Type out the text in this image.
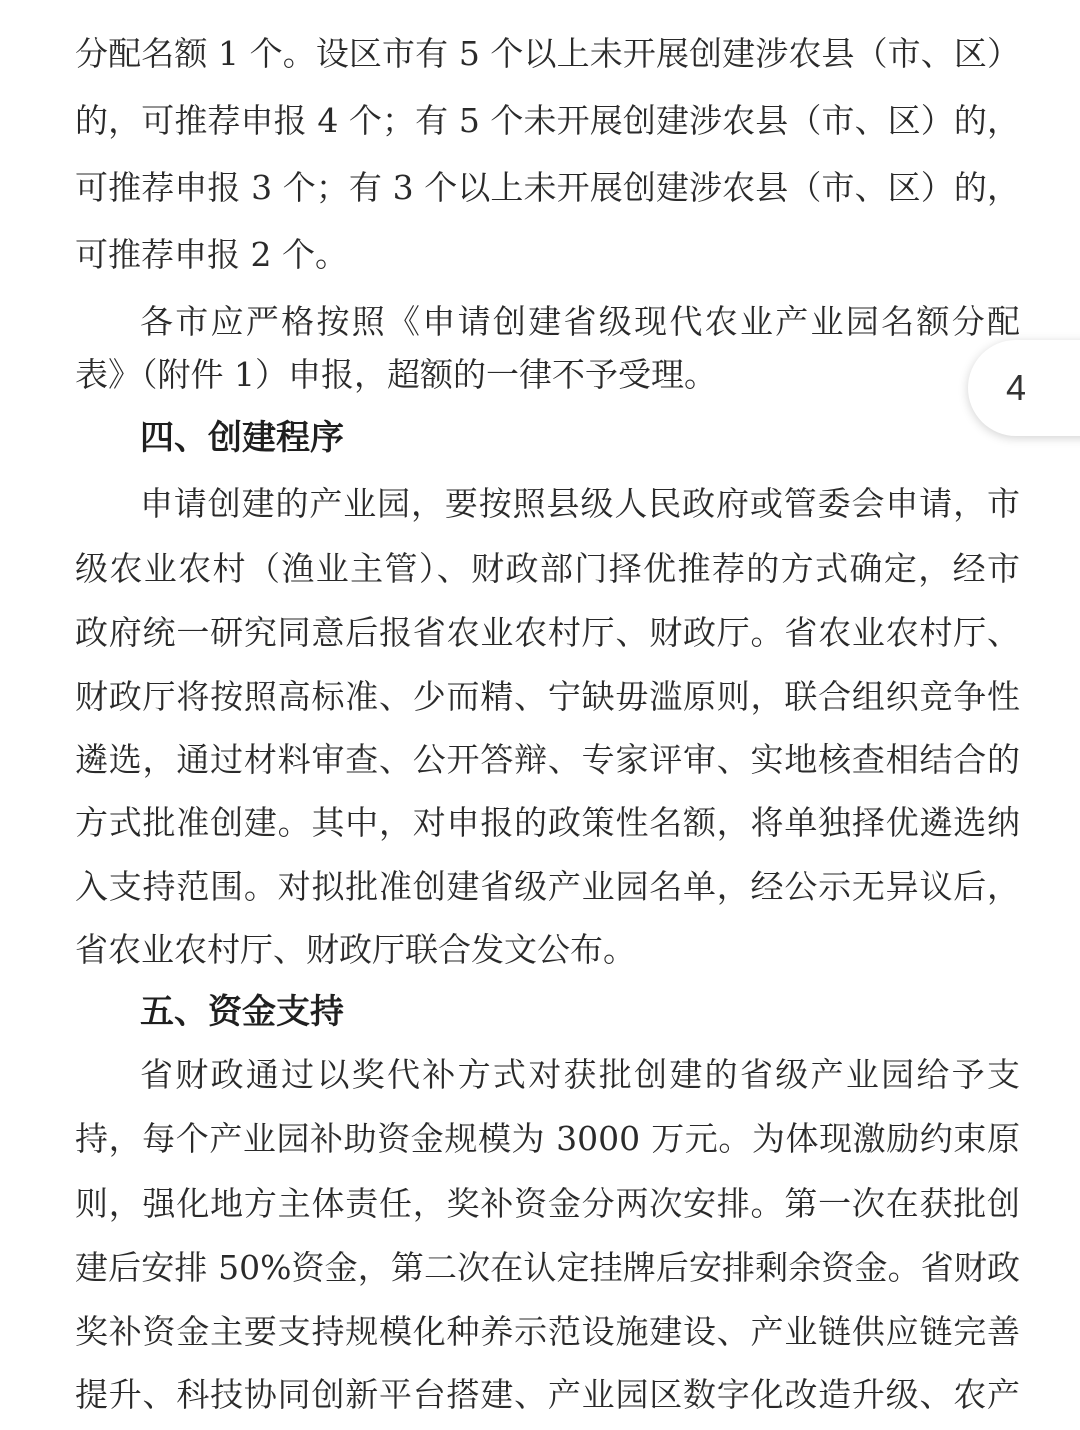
分配名额 1 个。设区市有 5 个以上未开展创建涉农县（市、区）
的，可推荐申报 4 个；有 5 个未开展创建涉农县（市、区）的，
可推荐申报 3 个；有 3 个以上未开展创建涉农县（市、区）的，
可推荐申报 2 个。
各市应严格按照《申请创建省级现代农业产业园名额分配
表》（附件 1）申报，超额的一律不予受理。
四、创建程序
申请创建的产业园，要按照县级人民政府或管委会申请，市
级农业农村（渔业主管）、财政部门择优推荐的方式确定，经市
政府统一研究同意后报省农业农村厅、财政厅。省农业农村厅、
财政厅将按照高标准、少而精、宁缺毋滥原则，联合组织竞争性
遴选，通过材料审查、公开答辩、专家评审、实地核查相结合的
方式批准创建。其中，对申报的政策性名额，将单独择优遴选纳
入支持范围。对拟批准创建省级产业园名单，经公示无异议后，
省农业农村厅、财政厅联合发文公布。
五、资金支持
省财政通过以奖代补方式对获批创建的省级产业园给予支
持，每个产业园补助资金规模为 3000 万元。为体现激励约束原
则，强化地方主体责任，奖补资金分两次安排。第一次在获批创
建后安排 50%资金，第二次在认定挂牌后安排剩余资金。省财政
奖补资金主要支持规模化种养示范设施建设、产业链供应链完善
提升、科技协同创新平台搭建、产业园区数字化改造升级、农产
4
